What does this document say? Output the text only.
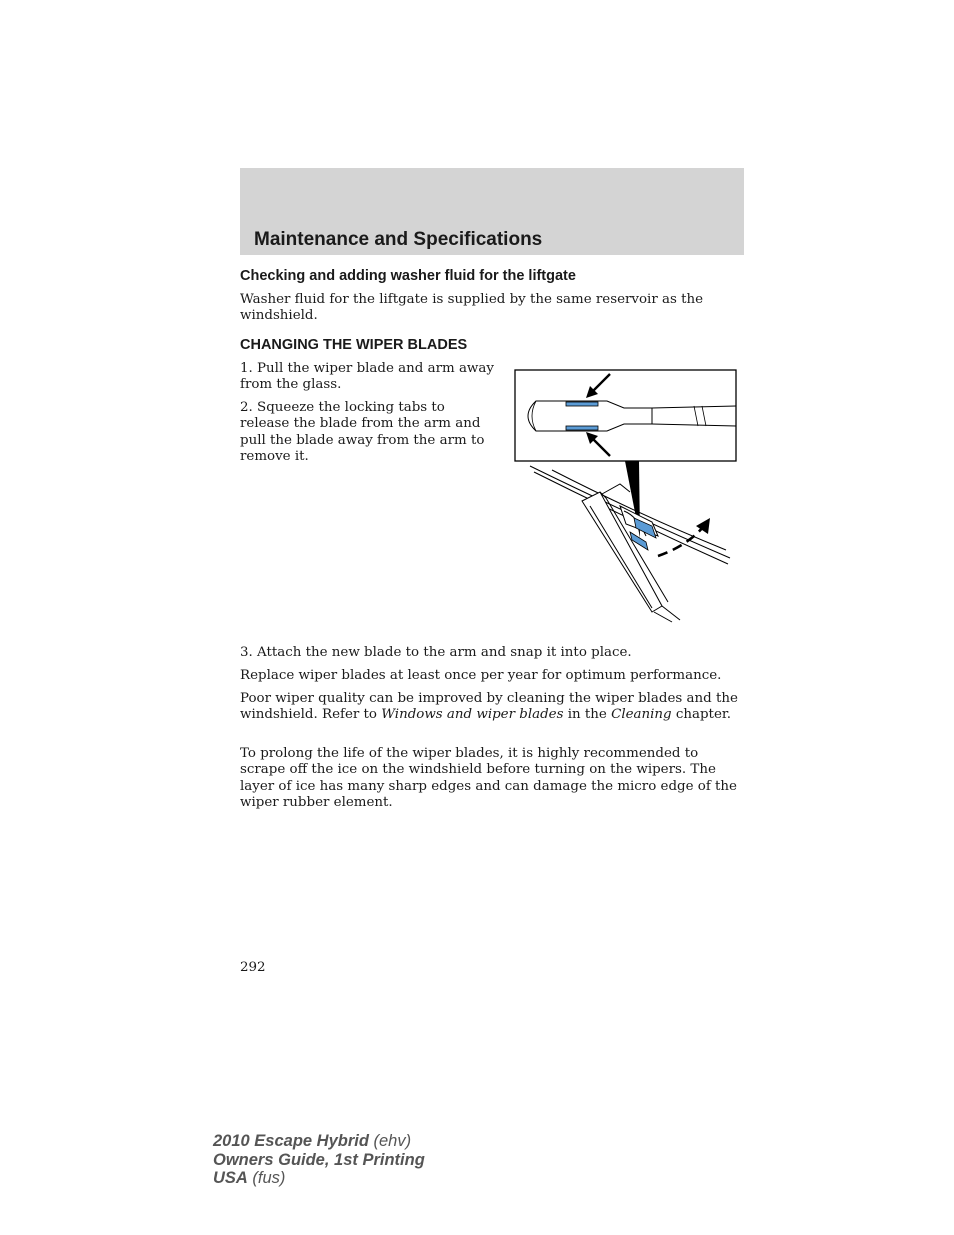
Maintenance and Specifications
Checking and adding washer fluid for the liftgate

Washer fluid for the liftgate is supplied by the same reservoir as the windshield.

CHANGING THE WIPER BLADES

1. Pull the wiper blade and arm away from the glass.

2. Squeeze the locking tabs to release the blade from the arm and pull the blade away from the arm to remove it.

3. Attach the new blade to the arm and snap it into place.

Replace wiper blades at least once per year for optimum performance.

Poor wiper quality can be improved by cleaning the wiper blades and the windshield. Refer to Windows and wiper blades in the Cleaning chapter.

To prolong the life of the wiper blades, it is highly recommended to scrape off the ice on the windshield before turning on the wipers. The layer of ice has many sharp edges and can damage the micro edge of the wiper rubber element.

292
2010 Escape Hybrid (ehv)
Owners Guide, 1st Printing
USA (fus)
